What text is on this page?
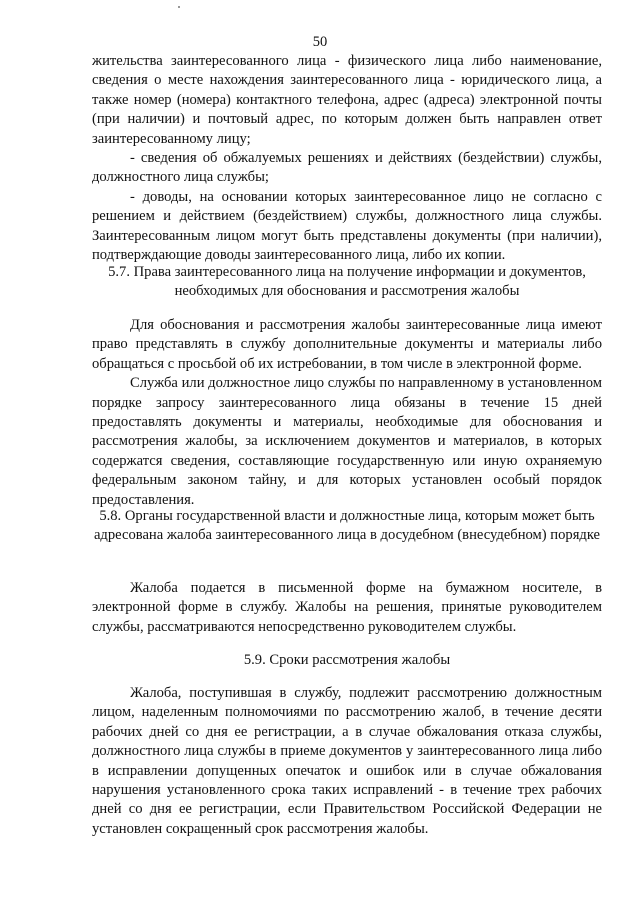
50

жительства заинтересованного лица - физического лица либо наименование, сведения о месте нахождения заинтересованного лица - юридического лица, а также номер (номера) контактного телефона, адрес (адреса) электронной почты (при наличии) и почтовый адрес, по которым должен быть направлен ответ заинтересованному лицу;

- сведения об обжалуемых решениях и действиях (бездействии) службы, должностного лица службы;

- доводы, на основании которых заинтересованное лицо не согласно с решением и действием (бездействием) службы, должностного лица службы. Заинтересованным лицом могут быть представлены документы (при наличии), подтверждающие доводы заинтересованного лица, либо их копии.

5.7. Права заинтересованного лица на получение информации и документов, необходимых для обоснования и рассмотрения жалобы

Для обоснования и рассмотрения жалобы заинтересованные лица имеют право представлять в службу дополнительные документы и материалы либо обращаться с просьбой об их истребовании, в том числе в электронной форме.

Служба или должностное лицо службы по направленному в установленном порядке запросу заинтересованного лица обязаны в течение 15 дней предоставлять документы и материалы, необходимые для обоснования и рассмотрения жалобы, за исключением документов и материалов, в которых содержатся сведения, составляющие государственную или иную охраняемую федеральным законом тайну, и для которых установлен особый порядок предоставления.

5.8. Органы государственной власти и должностные лица, которым может быть адресована жалоба заинтересованного лица в досудебном (внесудебном) порядке

Жалоба подается в письменной форме на бумажном носителе, в электронной форме в службу. Жалобы на решения, принятые руководителем службы, рассматриваются непосредственно руководителем службы.

5.9. Сроки рассмотрения жалобы

Жалоба, поступившая в службу, подлежит рассмотрению должностным лицом, наделенным полномочиями по рассмотрению жалоб, в течение десяти рабочих дней со дня ее регистрации, а в случае обжалования отказа службы, должностного лица службы в приеме документов у заинтересованного лица либо в исправлении допущенных опечаток и ошибок или в случае обжалования нарушения установленного срока таких исправлений - в течение трех рабочих дней со дня ее регистрации, если Правительством Российской Федерации не установлен сокращенный срок рассмотрения жалобы.
